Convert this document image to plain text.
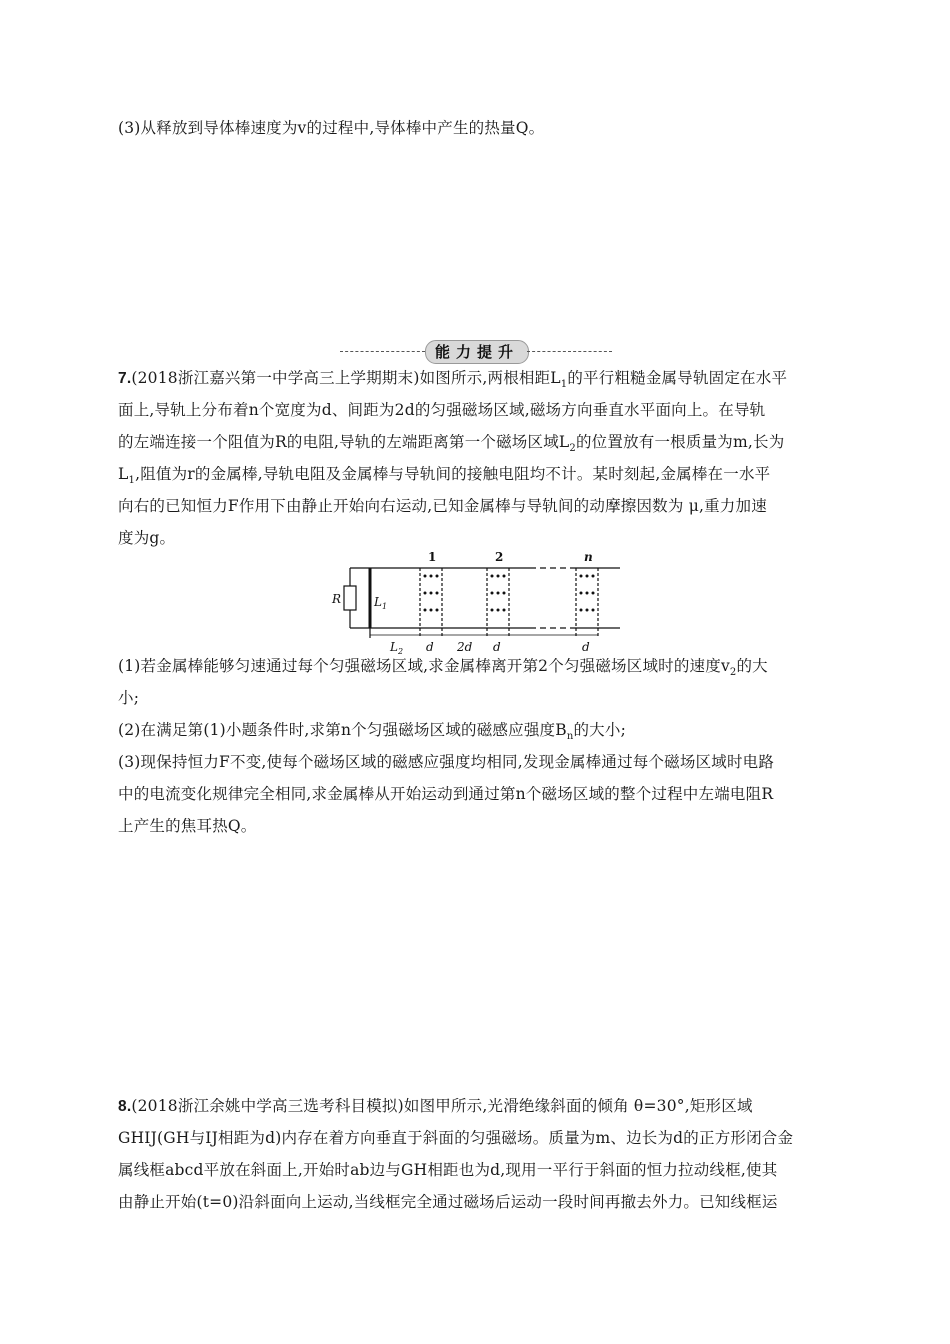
(3)从释放到导体棒速度为v的过程中,导体棒中产生的热量Q。
能力提升
7.(2018浙江嘉兴第一中学高三上学期期末)如图所示,两根相距$L_1$的平行粗糙金属导轨固定在水平
面上,导轨上分布着n个宽度为d、间距为2d的匀强磁场区域,磁场方向垂直水平面向上。在导轨
的左端连接一个阻值为R的电阻,导轨的左端距离第一个磁场区域$L_2$的位置放有一根质量为m,长为
$L_1$,阻值为r的金属棒,导轨电阻及金属棒与导轨间的接触电阻均不计。某时刻起,金属棒在一水平
向右的已知恒力F作用下由静止开始向右运动,已知金属棒与导轨间的动摩擦因数为 μ,重力加速
度为g。
R	$L_1$
$L_2$ d 2d d	d
1	2	n
(1)若金属棒能够匀速通过每个匀强磁场区域,求金属棒离开第2个匀强磁场区域时的速度$v_2$的大
小;
(2)在满足第(1)小题条件时,求第n个匀强磁场区域的磁感应强度$B_n$的大小;
(3)现保持恒力F不变,使每个磁场区域的磁感应强度均相同,发现金属棒通过每个磁场区域时电路
中的电流变化规律完全相同,求金属棒从开始运动到通过第n个磁场区域的整个过程中左端电阻R
上产生的焦耳热Q。
8.(2018浙江余姚中学高三选考科目模拟)如图甲所示,光滑绝缘斜面的倾角 θ=30°,矩形区域
GHIJ(GH与IJ相距为d)内存在着方向垂直于斜面的匀强磁场。质量为m、边长为d的正方形闭合金
属线框abcd平放在斜面上,开始时ab边与GH相距也为d,现用一平行于斜面的恒力拉动线框,使其
由静止开始(t=0)沿斜面向上运动,当线框完全通过磁场后运动一段时间再撤去外力。已知线框运
